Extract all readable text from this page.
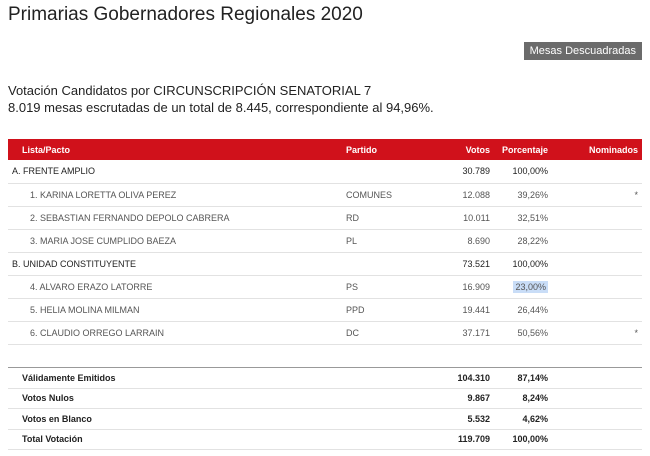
Primarias Gobernadores Regionales 2020
Mesas Descuadradas
Votación Candidatos por CIRCUNSCRIPCIÓN SENATORIAL 7
8.019 mesas escrutadas de un total de 8.445, correspondiente al 94,96%.
Lista/Pacto	Partido	Votos	Porcentaje	Nominados
A. FRENTE AMPLIO		30.789	100,00%	
1. KARINA LORETTA OLIVA PEREZ	COMUNES	12.088	39,26%	*
2. SEBASTIAN FERNANDO DEPOLO CABRERA	RD	10.011	32,51%	
3. MARIA JOSE CUMPLIDO BAEZA	PL	8.690	28,22%	
B. UNIDAD CONSTITUYENTE		73.521	100,00%	
4. ALVARO ERAZO LATORRE	PS	16.909	23,00%	
5. HELIA MOLINA MILMAN	PPD	19.441	26,44%	
6. CLAUDIO ORREGO LARRAIN	DC	37.171	50,56%	*
Válidamente Emitidos	104.310	87,14%	
Votos Nulos	9.867	8,24%	
Votos en Blanco	5.532	4,62%	
Total Votación	119.709	100,00%	
